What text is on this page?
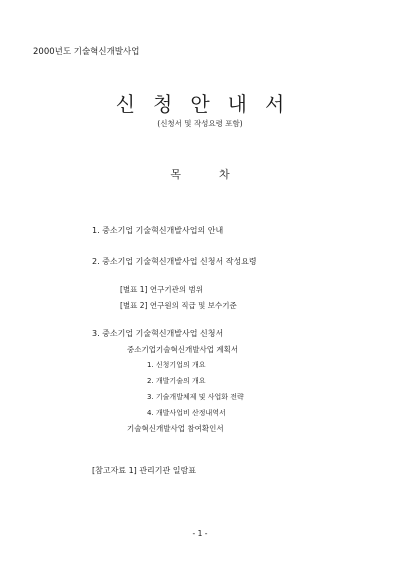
2000년도 기술혁신개발사업
신청안내서
(신청서 및 작성요령 포함)
목차
1. 중소기업 기술혁신개발사업의 안내
2. 중소기업 기술혁신개발사업 신청서 작성요령
[별표 1] 연구기관의 범위
[별표 2] 연구원의 직급 및 보수기준
3. 중소기업 기술혁신개발사업 신청서
중소기업기술혁신개발사업 계획서
1. 신청기업의 개요
2. 개발기술의 개요
3. 기술개발체제 및 사업화 전략
4. 개발사업비 산정내역서
기술혁신개발사업 참여확인서
[참고자료 1] 관리기관 일람표
- 1 -
